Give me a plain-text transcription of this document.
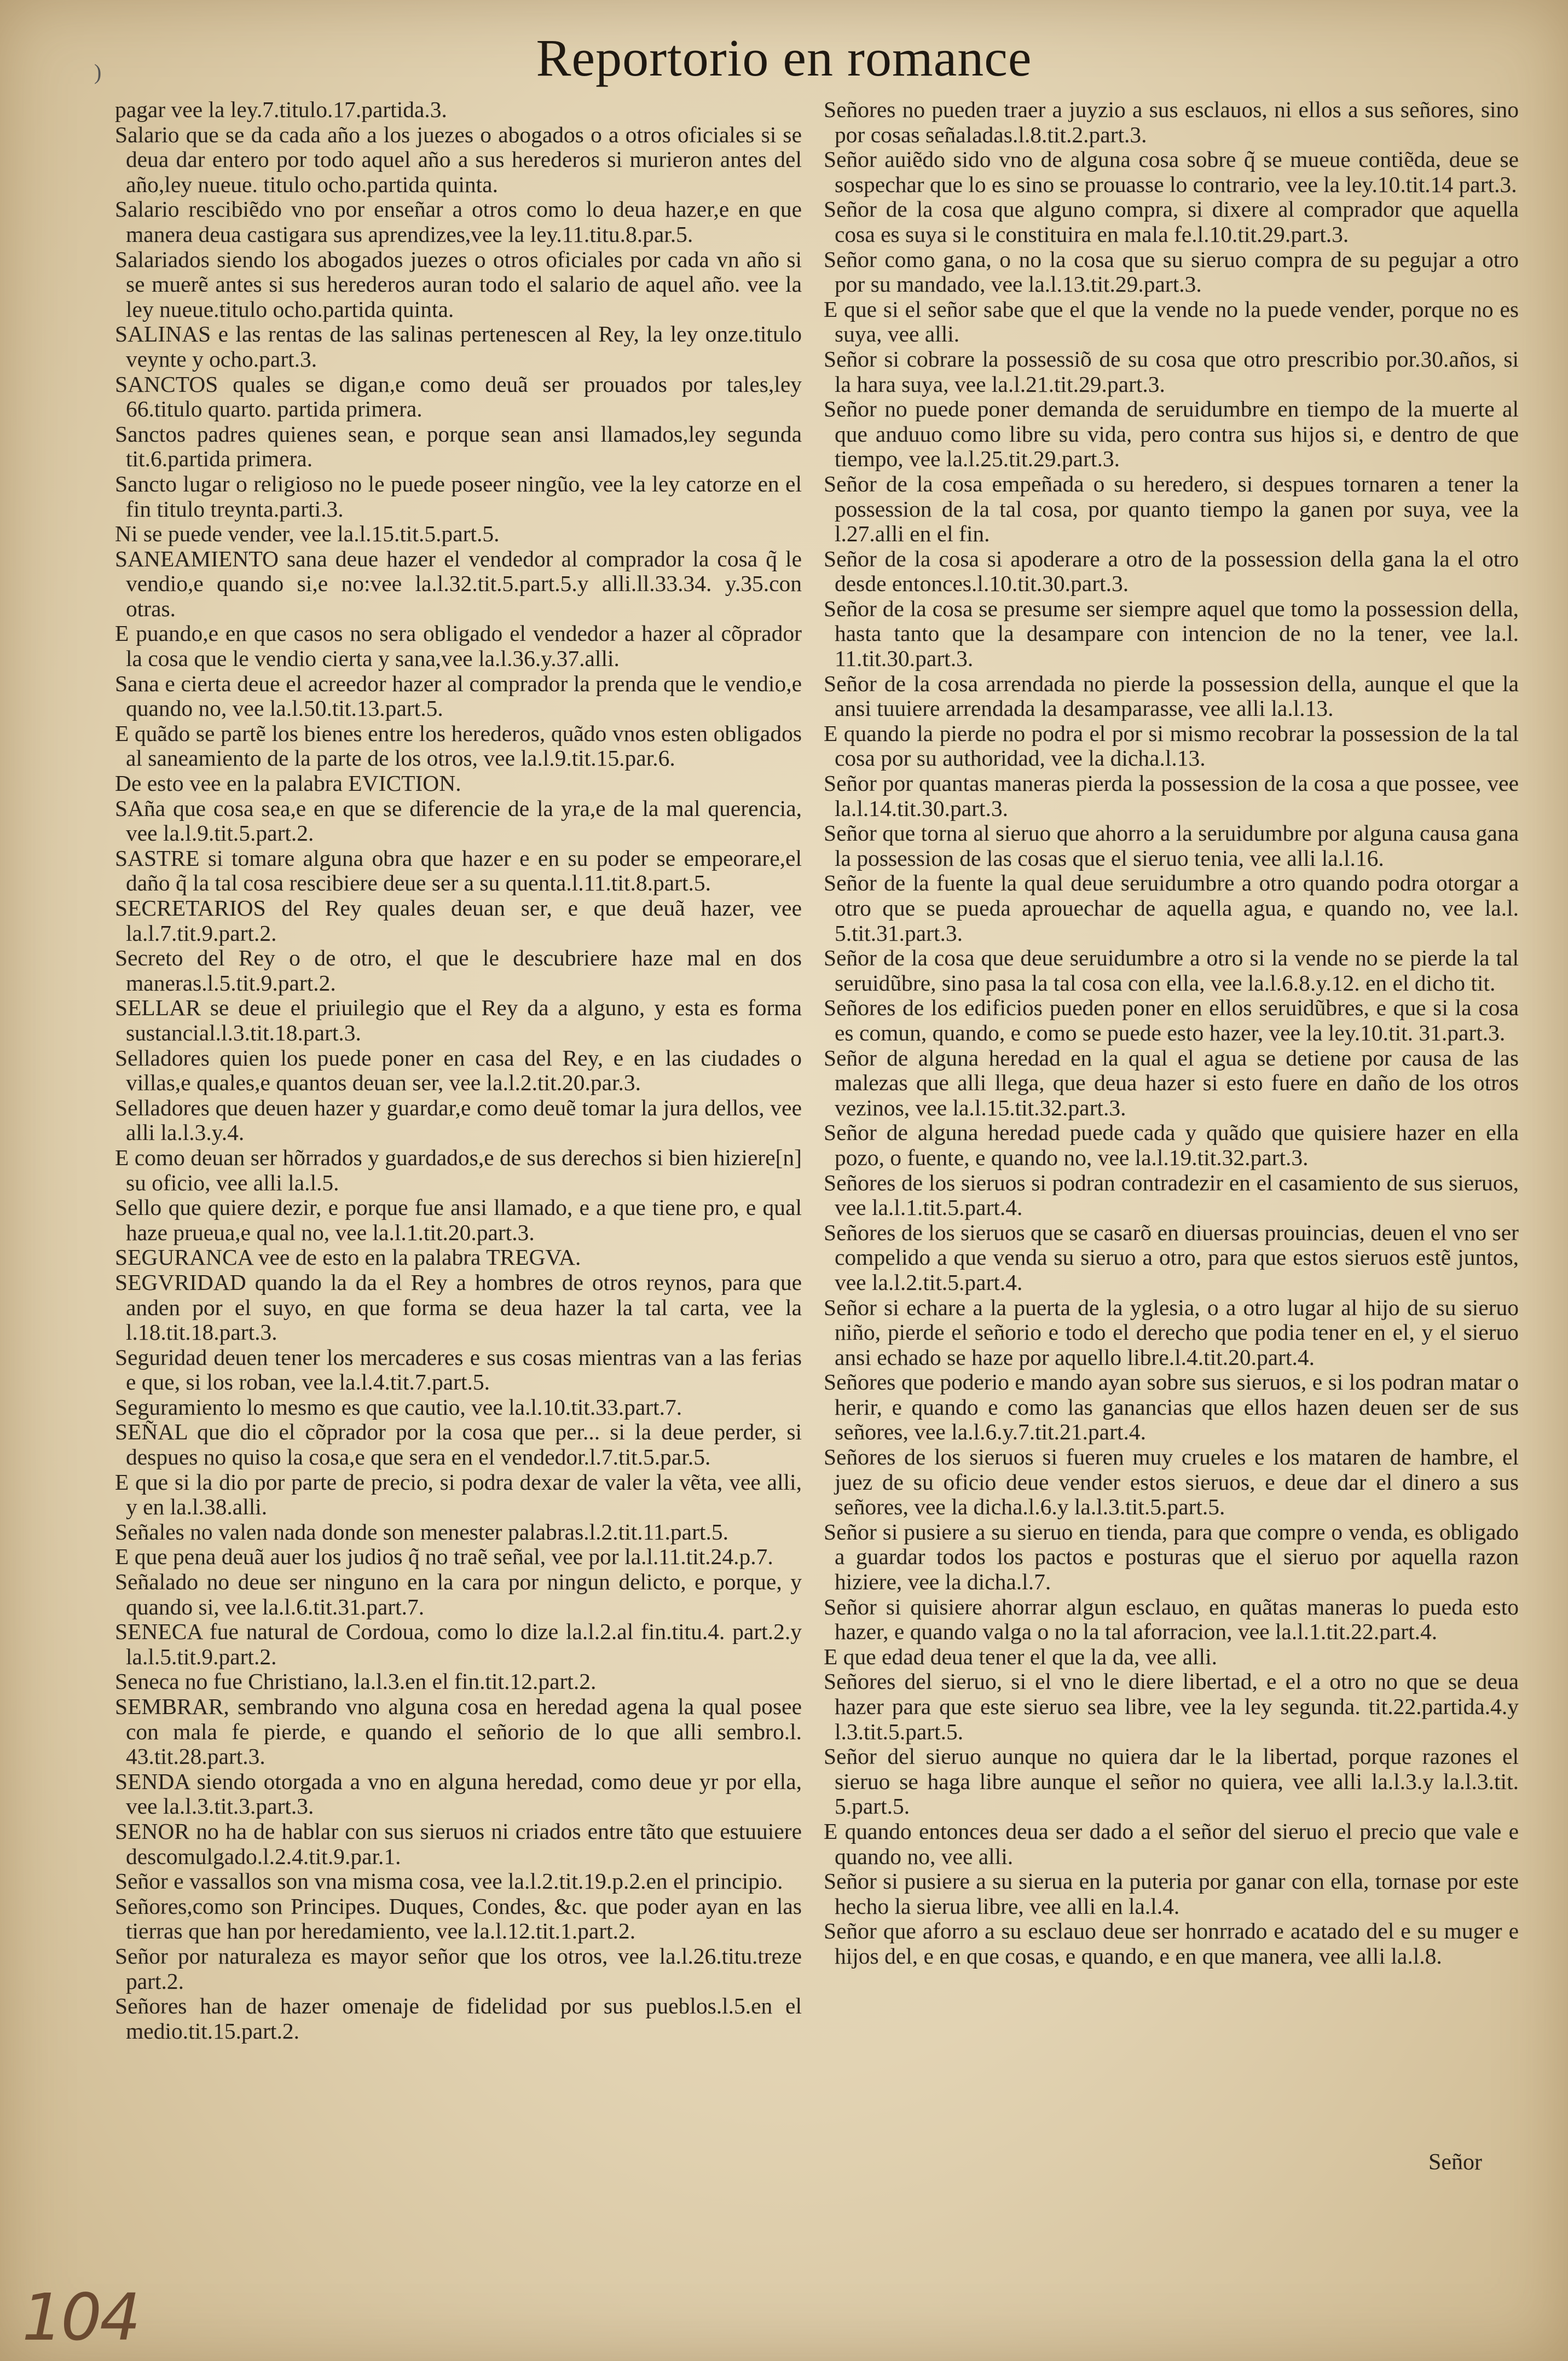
)	Reportorio en romance

pagar vee la ley.7.titulo.17.partida.3.

Salario que se da cada año a los juezes o abogados o a otros oficiales si se deua dar entero por todo aquel año a sus herederos si murieron antes del año,ley nueue. titulo ocho.partida quinta.

Salario rescibiẽdo vno por enseñar a otros como lo deua hazer,e en que manera deua castigara sus aprendizes,vee la ley.11.titu.8.par.5.

Salariados siendo los abogados juezes o otros oficiales por cada vn año si se muerẽ antes si sus herederos auran todo el salario de aquel año. vee la ley nueue.titulo ocho.partida quinta.

SALINAS e las rentas de las salinas pertenescen al Rey, la ley onze.titulo veynte y ocho.part.3.

SANCTOS quales se digan,e como deuã ser prouados por tales,ley 66.titulo quarto. partida primera.

Sanctos padres quienes sean, e porque sean ansi llamados,ley segunda tit.6.partida primera.

Sancto lugar o religioso no le puede poseer ningũo, vee la ley catorze en el fin titulo treynta.parti.3.

Ni se puede vender, vee la.l.15.tit.5.part.5.

SANEAMIENTO sana deue hazer el vendedor al comprador la cosa q̃ le vendio,e quando si,e no:vee la.l.32.tit.5.part.5.y alli.ll.33.34. y.35.con otras.

E puando,e en que casos no sera obligado el vendedor a hazer al cõprador la cosa que le vendio cierta y sana,vee la.l.36.y.37.alli.

Sana e cierta deue el acreedor hazer al comprador la prenda que le vendio,e quando no, vee la.l.50.tit.13.part.5.

E quãdo se partẽ los bienes entre los herederos, quãdo vnos esten obligados al saneamiento de la parte de los otros, vee la.l.9.tit.15.par.6.

De esto vee en la palabra EVICTION.

SAña que cosa sea,e en que se diferencie de la yra,e de la mal querencia, vee la.l.9.tit.5.part.2.

SASTRE si tomare alguna obra que hazer e en su poder se empeorare,el daño q̃ la tal cosa rescibiere deue ser a su quenta.l.11.tit.8.part.5.

SECRETARIOS del Rey quales deuan ser, e que deuã hazer, vee la.l.7.tit.9.part.2.

Secreto del Rey o de otro, el que le descubriere haze mal en dos maneras.l.5.tit.9.part.2.

SELLAR se deue el priuilegio que el Rey da a alguno, y esta es forma sustancial.l.3.tit.18.part.3.

Selladores quien los puede poner en casa del Rey, e en las ciudades o villas,e quales,e quantos deuan ser, vee la.l.2.tit.20.par.3.

Selladores que deuen hazer y guardar,e como deuẽ tomar la jura dellos, vee alli la.l.3.y.4.

E como deuan ser hõrrados y guardados,e de sus derechos si bien hiziere[n] su oficio, vee alli la.l.5.

Sello que quiere dezir, e porque fue ansi llamado, e a que tiene pro, e qual haze prueua,e qual no, vee la.l.1.tit.20.part.3.

SEGURANCA vee de esto en la palabra TREGVA.

SEGVRIDAD quando la da el Rey a hombres de otros reynos, para que anden por el suyo, en que forma se deua hazer la tal carta, vee la l.18.tit.18.part.3.

Seguridad deuen tener los mercaderes e sus cosas mientras van a las ferias e que, si los roban, vee la.l.4.tit.7.part.5.

Seguramiento lo mesmo es que cautio, vee la.l.10.tit.33.part.7.

SEÑAL que dio el cõprador por la cosa que per... si la deue perder, si despues no quiso la cosa,e que sera en el vendedor.l.7.tit.5.par.5.

E que si la dio por parte de precio, si podra dexar de valer la vẽta, vee alli, y en la.l.38.alli.

Señales no valen nada donde son menester palabras.l.2.tit.11.part.5.

E que pena deuã auer los judios q̃ no traẽ señal, vee por la.l.11.tit.24.p.7.

Señalado no deue ser ninguno en la cara por ningun delicto, e porque, y quando si, vee la.l.6.tit.31.part.7.

SENECA fue natural de Cordoua, como lo dize la.l.2.al fin.titu.4. part.2.y la.l.5.tit.9.part.2.

Seneca no fue Christiano, la.l.3.en el fin.tit.12.part.2.

SEMBRAR, sembrando vno alguna cosa en heredad agena la qual posee con mala fe pierde, e quando el señorio de lo que alli sembro.l. 43.tit.28.part.3.

SENDA siendo otorgada a vno en alguna heredad, como deue yr por ella, vee la.l.3.tit.3.part.3.

SENOR no ha de hablar con sus sieruos ni criados entre tãto que estuuiere descomulgado.l.2.4.tit.9.par.1.

Señor e vassallos son vna misma cosa, vee la.l.2.tit.19.p.2.en el principio.

Señores,como son Principes. Duques, Condes, &c. que poder ayan en las tierras que han por heredamiento, vee la.l.12.tit.1.part.2.

Señor por naturaleza es mayor señor que los otros, vee la.l.26.titu.treze part.2.

Señores han de hazer omenaje de fidelidad por sus pueblos.l.5.en el medio.tit.15.part.2.

Señores no pueden traer a juyzio a sus esclauos, ni ellos a sus señores, sino por cosas señaladas.l.8.tit.2.part.3.

Señor auiẽdo sido vno de alguna cosa sobre q̃ se mueue contiẽda, deue se sospechar que lo es sino se prouasse lo contrario, vee la ley.10.tit.14 part.3.

Señor de la cosa que alguno compra, si dixere al comprador que aquella cosa es suya si le constituira en mala fe.l.10.tit.29.part.3.

Señor como gana, o no la cosa que su sieruo compra de su pegujar a otro por su mandado, vee la.l.13.tit.29.part.3.

E que si el señor sabe que el que la vende no la puede vender, porque no es suya, vee alli.

Señor si cobrare la possessiõ de su cosa que otro prescribio por.30.años, si la hara suya, vee la.l.21.tit.29.part.3.

Señor no puede poner demanda de seruidumbre en tiempo de la muerte al que anduuo como libre su vida, pero contra sus hijos si, e dentro de que tiempo, vee la.l.25.tit.29.part.3.

Señor de la cosa empeñada o su heredero, si despues tornaren a tener la possession de la tal cosa, por quanto tiempo la ganen por suya, vee la l.27.alli en el fin.

Señor de la cosa si apoderare a otro de la possession della gana la el otro desde entonces.l.10.tit.30.part.3.

Señor de la cosa se presume ser siempre aquel que tomo la possession della, hasta tanto que la desampare con intencion de no la tener, vee la.l. 11.tit.30.part.3.

Señor de la cosa arrendada no pierde la possession della, aunque el que la ansi tuuiere arrendada la desamparasse, vee alli la.l.13.

E quando la pierde no podra el por si mismo recobrar la possession de la tal cosa por su authoridad, vee la dicha.l.13.

Señor por quantas maneras pierda la possession de la cosa a que possee, vee la.l.14.tit.30.part.3.

Señor que torna al sieruo que ahorro a la seruidumbre por alguna causa gana la possession de las cosas que el sieruo tenia, vee alli la.l.16.

Señor de la fuente la qual deue seruidumbre a otro quando podra otorgar a otro que se pueda aprouechar de aquella agua, e quando no, vee la.l. 5.tit.31.part.3.

Señor de la cosa que deue seruidumbre a otro si la vende no se pierde la tal seruidũbre, sino pasa la tal cosa con ella, vee la.l.6.8.y.12. en el dicho tit.

Señores de los edificios pueden poner en ellos seruidũbres, e que si la cosa es comun, quando, e como se puede esto hazer, vee la ley.10.tit. 31.part.3.

Señor de alguna heredad en la qual el agua se detiene por causa de las malezas que alli llega, que deua hazer si esto fuere en daño de los otros vezinos, vee la.l.15.tit.32.part.3.

Señor de alguna heredad puede cada y quãdo que quisiere hazer en ella pozo, o fuente, e quando no, vee la.l.19.tit.32.part.3.

Señores de los sieruos si podran contradezir en el casamiento de sus sieruos, vee la.l.1.tit.5.part.4.

Señores de los sieruos que se casarõ en diuersas prouincias, deuen el vno ser compelido a que venda su sieruo a otro, para que estos sieruos estẽ juntos, vee la.l.2.tit.5.part.4.

Señor si echare a la puerta de la yglesia, o a otro lugar al hijo de su sieruo niño, pierde el señorio e todo el derecho que podia tener en el, y el sieruo ansi echado se haze por aquello libre.l.4.tit.20.part.4.

Señores que poderio e mando ayan sobre sus sieruos, e si los podran matar o herir, e quando e como las ganancias que ellos hazen deuen ser de sus señores, vee la.l.6.y.7.tit.21.part.4.

Señores de los sieruos si fueren muy crueles e los mataren de hambre, el juez de su oficio deue vender estos sieruos, e deue dar el dinero a sus señores, vee la dicha.l.6.y la.l.3.tit.5.part.5.

Señor si pusiere a su sieruo en tienda, para que compre o venda, es obligado a guardar todos los pactos e posturas que el sieruo por aquella razon hiziere, vee la dicha.l.7.

Señor si quisiere ahorrar algun esclauo, en quãtas maneras lo pueda esto hazer, e quando valga o no la tal aforracion, vee la.l.1.tit.22.part.4.

E que edad deua tener el que la da, vee alli.

Señores del sieruo, si el vno le diere libertad, e el a otro no que se deua hazer para que este sieruo sea libre, vee la ley segunda. tit.22.partida.4.y l.3.tit.5.part.5.

Señor del sieruo aunque no quiera dar le la libertad, porque razones el sieruo se haga libre aunque el señor no quiera, vee alli la.l.3.y la.l.3.tit. 5.part.5.

E quando entonces deua ser dado a el señor del sieruo el precio que vale e quando no, vee alli.

Señor si pusiere a su sierua en la puteria por ganar con ella, tornase por este hecho la sierua libre, vee alli en la.l.4.

Señor que aforro a su esclauo deue ser honrrado e acatado del e su muger e hijos del, e en que cosas, e quando, e en que manera, vee alli la.l.8.

Señor
104
